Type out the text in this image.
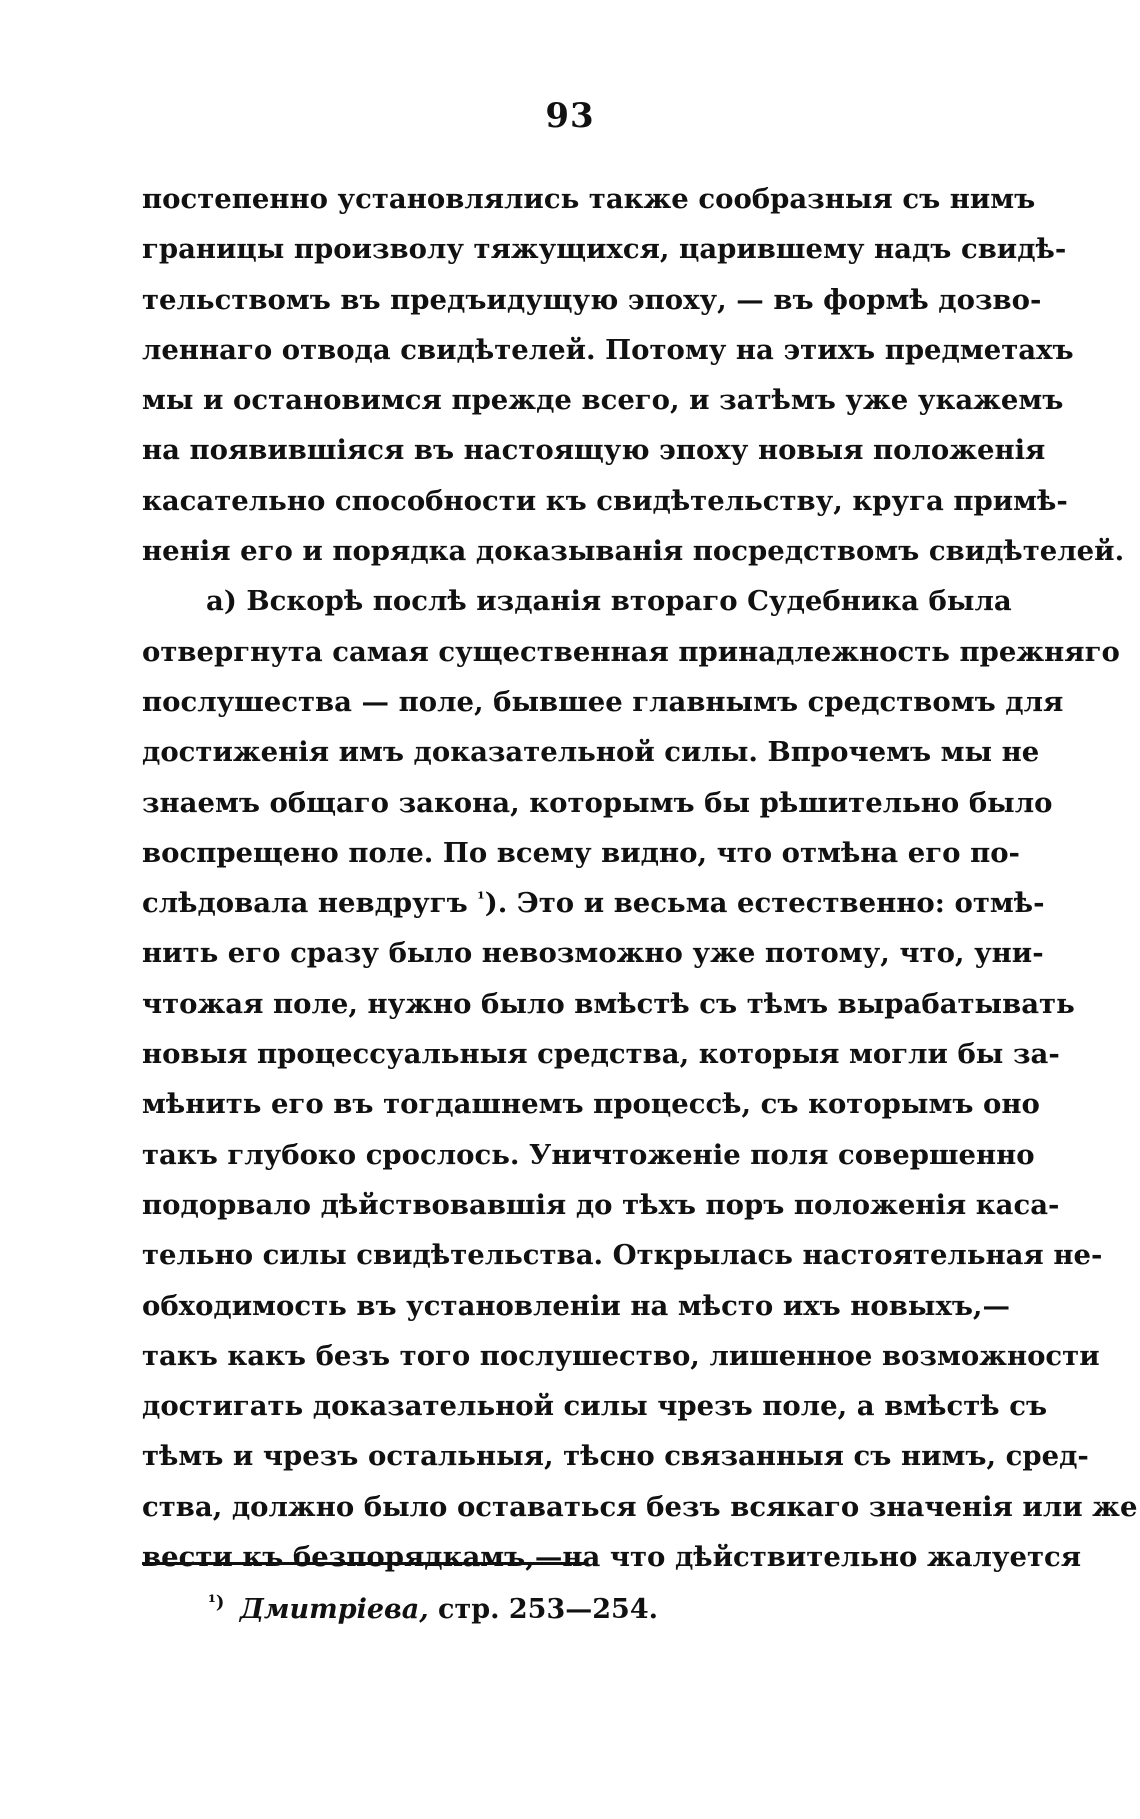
93
постепенно установлялись также сообразныя съ нимъ
границы произволу тяжущихся, царившему надъ свидѣ-
тельствомъ въ предъидущую эпоху, — въ формѣ дозво-
леннаго отвода свидѣтелей. Потому на этихъ предметахъ
мы и остановимся прежде всего, и затѣмъ уже укажемъ
на появившіяся въ настоящую эпоху новыя положенія
касательно способности къ свидѣтельству, круга примѣ-
ненія его и порядка доказыванія посредствомъ свидѣтелей.
а) Вскорѣ послѣ изданія втораго Судебника была
отвергнута самая существенная принадлежность прежняго
послушества — поле, бывшее главнымъ средствомъ для
достиженія имъ доказательной силы. Впрочемъ мы не
знаемъ общаго закона, которымъ бы рѣшительно было
воспрещено поле. По всему видно, что отмѣна его по-
слѣдовала невдругъ $^{^1}$). Это и весьма естественно: отмѣ-
нить его сразу было невозможно уже потому, что, уни-
чтожая поле, нужно было вмѣстѣ съ тѣмъ вырабатывать
новыя процессуальныя средства, которыя могли бы за-
мѣнить его въ тогдашнемъ процессѣ, съ которымъ оно
такъ глубоко срослось. Уничтоженіе поля совершенно
подорвало дѣйствовавшія до тѣхъ поръ положенія каса-
тельно силы свидѣтельства. Открылась настоятельная не-
обходимость въ установленіи на мѣсто ихъ новыхъ,—
такъ какъ безъ того послушество, лишенное возможности
достигать доказательной силы чрезъ поле, а вмѣстѣ съ
тѣмъ и чрезъ остальныя, тѣсно связанныя съ нимъ, сред-
ства, должно было оставаться безъ всякаго значенія или же
вести къ безпорядкамъ,—на что дѣйствительно жалуется
$^{^1)}$ Дмитріева, стр. 253—254.
